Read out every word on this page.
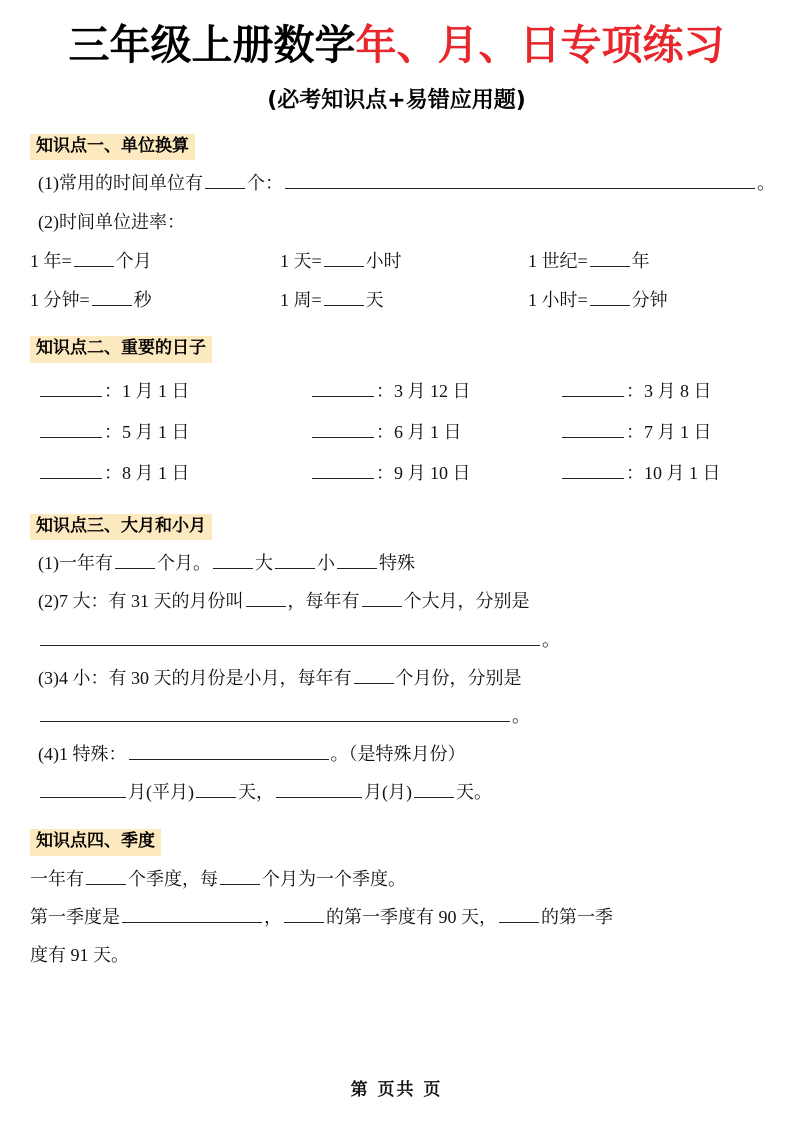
三年级上册数学年、月、日专项练习
(必考知识点+易错应用题)
知识点一、单位换算
(1)常用的时间单位有 个：	。
(2)时间单位进率：
1 年= 个月	1 天= 小时	1 世纪= 年
1 分钟= 秒	1 周= 天	1 小时= 分钟
知识点二、重要的日子
：1 月 1 日	：3 月 12 日	：3 月 8 日
：5 月 1 日	：6 月 1 日	：7 月 1 日
：8 月 1 日	：9 月 10 日	：10 月 1 日
知识点三、大月和小月
(1)一年有 个月。 大 小 特殊
(2)7 大：有 31 天的月份叫 ，每年有 个大月，分别是
。
(3)4 小：有 30 天的月份是小月，每年有 个月份，分别是
。
(4)1 特殊：	。（是特殊月份）
月(平月) 天，	月(月) 天。
知识点四、季度
一年有 个季度，每 个月为一个季度。
第一季度是	， 的第一季度有 90 天， 的第一季
度有 91 天。
第 页共 页
